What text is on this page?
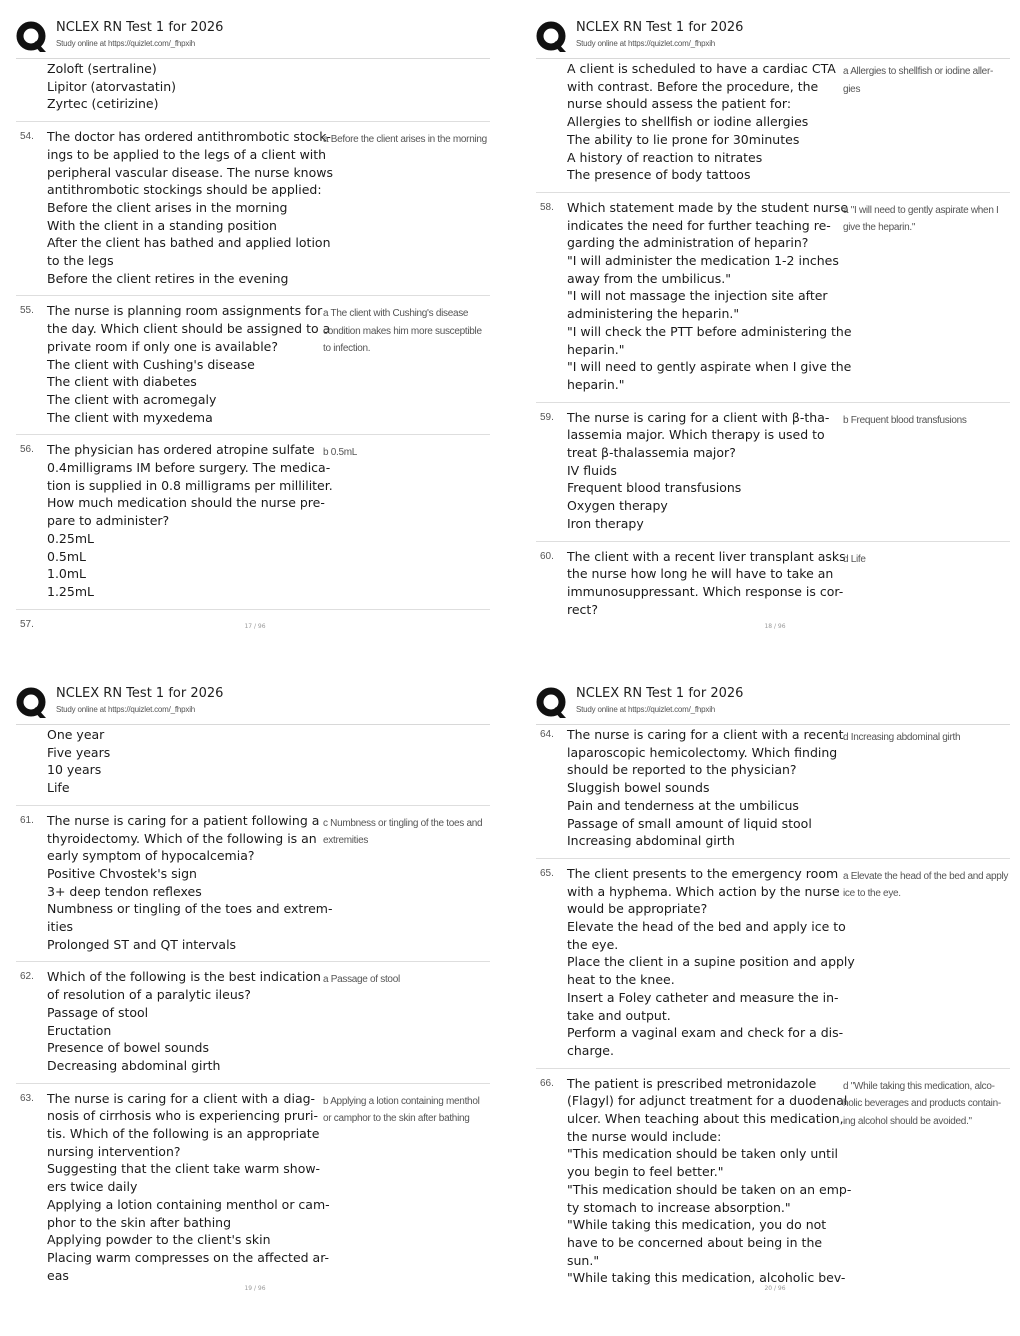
NCLEX RN Test 1 for 2026
Study online at https://quizlet.com/_fhpxih
Zoloft (sertraline)
Lipitor (atorvastatin)
Zyrtec (cetirizine)
54. The doctor has ordered antithrombotic stock-
ings to be applied to the legs of a client with
peripheral vascular disease. The nurse knows
antithrombotic stockings should be applied:
Before the client arises in the morning
With the client in a standing position
After the client has bathed and applied lotion
to the legs
Before the client retires in the evening
a Before the client arises in the morning
55. The nurse is planning room assignments for
the day. Which client should be assigned to a
private room if only one is available?
The client with Cushing's disease
The client with diabetes
The client with acromegaly
The client with myxedema
a The client with Cushing's disease
condition makes him more susceptible
to infection.
56. The physician has ordered atropine sulfate
0.4milligrams IM before surgery. The medica-
tion is supplied in 0.8 milligrams per milliliter.
How much medication should the nurse pre-
pare to administer?
0.25mL
0.5mL
1.0mL
1.25mL
b 0.5mL
57.	17 / 96
NCLEX RN Test 1 for 2026
Study online at https://quizlet.com/_fhpxih
A client is scheduled to have a cardiac CTA
with contrast. Before the procedure, the
nurse should assess the patient for:
Allergies to shellfish or iodine allergies
The ability to lie prone for 30minutes
A history of reaction to nitrates
The presence of body tattoos
a Allergies to shellfish or iodine aller-
gies
58. Which statement made by the student nurse
indicates the need for further teaching re-
garding the administration of heparin?
"I will administer the medication 1-2 inches
away from the umbilicus."
"I will not massage the injection site after
administering the heparin."
"I will check the PTT before administering the
heparin."
"I will need to gently aspirate when I give the
heparin."
a "I will need to gently aspirate when I
give the heparin."
59. The nurse is caring for a client with β-tha-
lassemia major. Which therapy is used to
treat β-thalassemia major?
IV fluids
Frequent blood transfusions
Oxygen therapy
Iron therapy
b Frequent blood transfusions
60. The client with a recent liver transplant asks
the nurse how long he will have to take an
immunosuppressant. Which response is cor-
rect?
d Life
18 / 96
NCLEX RN Test 1 for 2026
Study online at https://quizlet.com/_fhpxih
One year
Five years
10 years
Life
61. The nurse is caring for a patient following a
thyroidectomy. Which of the following is an
early symptom of hypocalcemia?
Positive Chvostek's sign
3+ deep tendon reflexes
Numbness or tingling of the toes and extrem-
ities
Prolonged ST and QT intervals
c Numbness or tingling of the toes and
extremities
62. Which of the following is the best indication
of resolution of a paralytic ileus?
Passage of stool
Eructation
Presence of bowel sounds
Decreasing abdominal girth
a Passage of stool
63. The nurse is caring for a client with a diag-
nosis of cirrhosis who is experiencing pruri-
tis. Which of the following is an appropriate
nursing intervention?
Suggesting that the client take warm show-
ers twice daily
Applying a lotion containing menthol or cam-
phor to the skin after bathing
Applying powder to the client's skin
Placing warm compresses on the affected ar-
eas
b Applying a lotion containing menthol
or camphor to the skin after bathing
19 / 96
NCLEX RN Test 1 for 2026
Study online at https://quizlet.com/_fhpxih
64. The nurse is caring for a client with a recent
laparoscopic hemicolectomy. Which finding
should be reported to the physician?
Sluggish bowel sounds
Pain and tenderness at the umbilicus
Passage of small amount of liquid stool
Increasing abdominal girth
d Increasing abdominal girth
65. The client presents to the emergency room
with a hyphema. Which action by the nurse
would be appropriate?
Elevate the head of the bed and apply ice to
the eye.
Place the client in a supine position and apply
heat to the knee.
Insert a Foley catheter and measure the in-
take and output.
Perform a vaginal exam and check for a dis-
charge.
a Elevate the head of the bed and apply
ice to the eye.
66. The patient is prescribed metronidazole
(Flagyl) for adjunct treatment for a duodenal
ulcer. When teaching about this medication,
the nurse would include:
"This medication should be taken only until
you begin to feel better."
"This medication should be taken on an emp-
ty stomach to increase absorption."
"While taking this medication, you do not
have to be concerned about being in the
sun."
"While taking this medication, alcoholic bev-
d "While taking this medication, alco-
holic beverages and products contain-
ing alcohol should be avoided."
20 / 96
